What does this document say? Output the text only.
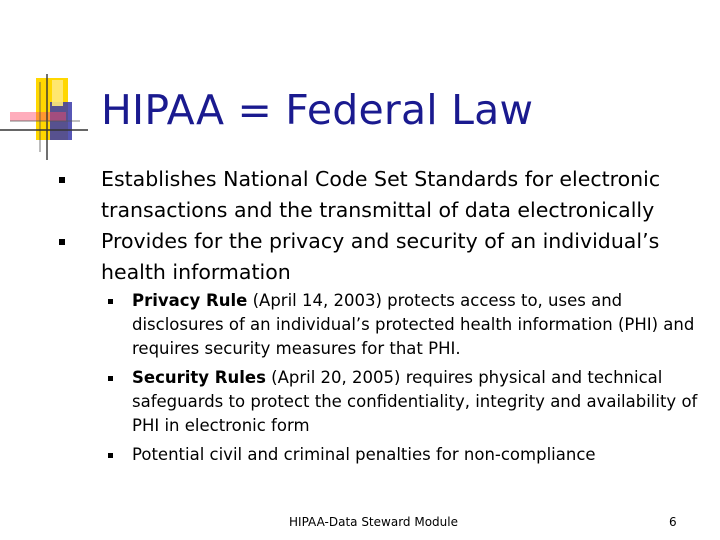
HIPAA = Federal Law
Establishes National Code Set Standards for electronic transactions and the transmittal of data electronically
Provides for the privacy and security of an individual’s health information
Privacy Rule (April 14, 2003) protects access to, uses and disclosures of an individual’s protected health information (PHI) and requires security measures for that PHI.
Security Rules (April 20, 2005) requires physical and technical safeguards to protect the confidentiality, integrity and availability of PHI in electronic form
Potential civil and criminal penalties for non-compliance
HIPAA-Data Steward Module	6
